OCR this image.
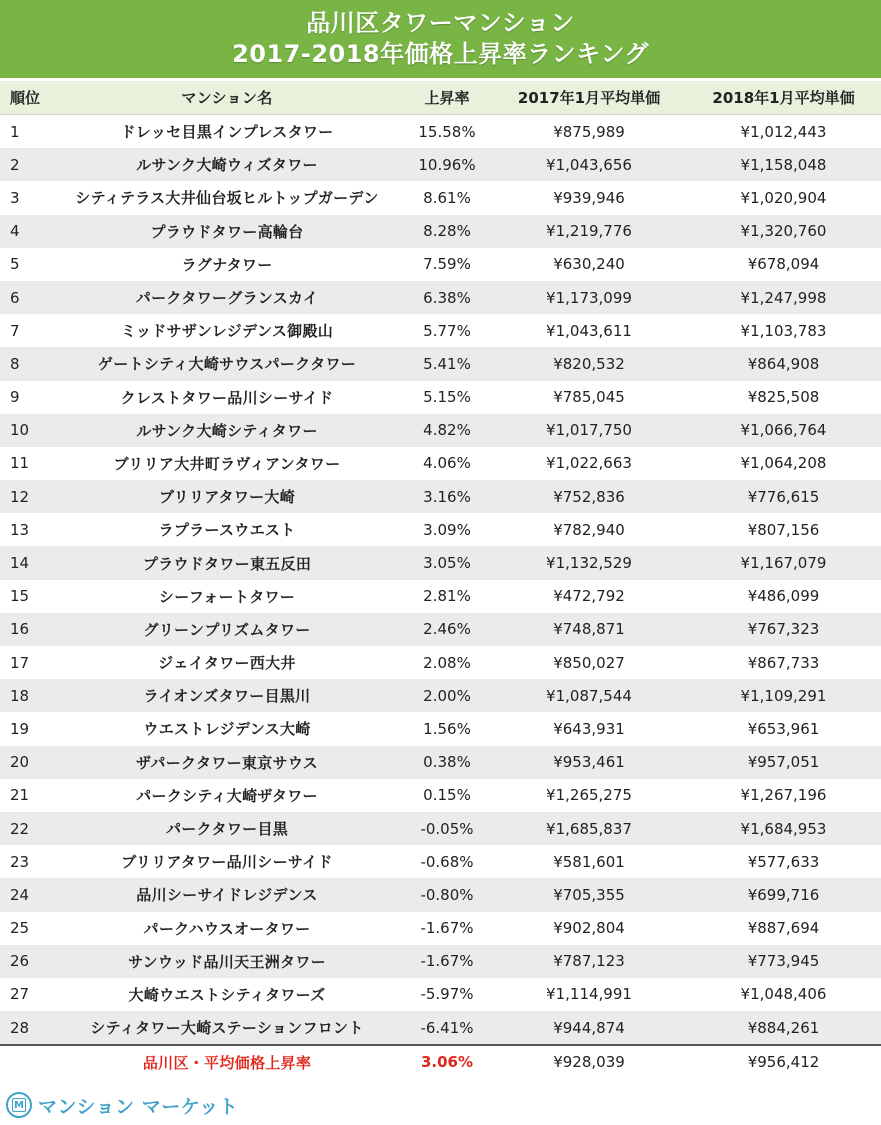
品川区タワーマンション
2017-2018年価格上昇率ランキング
順位	マンション名	上昇率	2017年1月平均単価	2018年1月平均単価
1	ドレッセ目黒インプレスタワー	15.58%	¥875,989	¥1,012,443
2	ルサンク大崎ウィズタワー	10.96%	¥1,043,656	¥1,158,048
3	シティテラス大井仙台坂ヒルトップガーデン	8.61%	¥939,946	¥1,020,904
4	プラウドタワー高輪台	8.28%	¥1,219,776	¥1,320,760
5	ラグナタワー	7.59%	¥630,240	¥678,094
6	パークタワーグランスカイ	6.38%	¥1,173,099	¥1,247,998
7	ミッドサザンレジデンス御殿山	5.77%	¥1,043,611	¥1,103,783
8	ゲートシティ大崎サウスパークタワー	5.41%	¥820,532	¥864,908
9	クレストタワー品川シーサイド	5.15%	¥785,045	¥825,508
10	ルサンク大崎シティタワー	4.82%	¥1,017,750	¥1,066,764
11	ブリリア大井町ラヴィアンタワー	4.06%	¥1,022,663	¥1,064,208
12	ブリリアタワー大崎	3.16%	¥752,836	¥776,615
13	ラプラースウエスト	3.09%	¥782,940	¥807,156
14	プラウドタワー東五反田	3.05%	¥1,132,529	¥1,167,079
15	シーフォートタワー	2.81%	¥472,792	¥486,099
16	グリーンプリズムタワー	2.46%	¥748,871	¥767,323
17	ジェイタワー西大井	2.08%	¥850,027	¥867,733
18	ライオンズタワー目黒川	2.00%	¥1,087,544	¥1,109,291
19	ウエストレジデンス大崎	1.56%	¥643,931	¥653,961
20	ザパークタワー東京サウス	0.38%	¥953,461	¥957,051
21	パークシティ大崎ザタワー	0.15%	¥1,265,275	¥1,267,196
22	パークタワー目黒	-0.05%	¥1,685,837	¥1,684,953
23	ブリリアタワー品川シーサイド	-0.68%	¥581,601	¥577,633
24	品川シーサイドレジデンス	-0.80%	¥705,355	¥699,716
25	パークハウスオータワー	-1.67%	¥902,804	¥887,694
26	サンウッド品川天王洲タワー	-1.67%	¥787,123	¥773,945
27	大崎ウエストシティタワーズ	-5.97%	¥1,114,991	¥1,048,406
28	シティタワー大崎ステーションフロント	-6.41%	¥944,874	¥884,261
	品川区・平均価格上昇率	3.06%	¥928,039	¥956,412
M マンション マーケット
